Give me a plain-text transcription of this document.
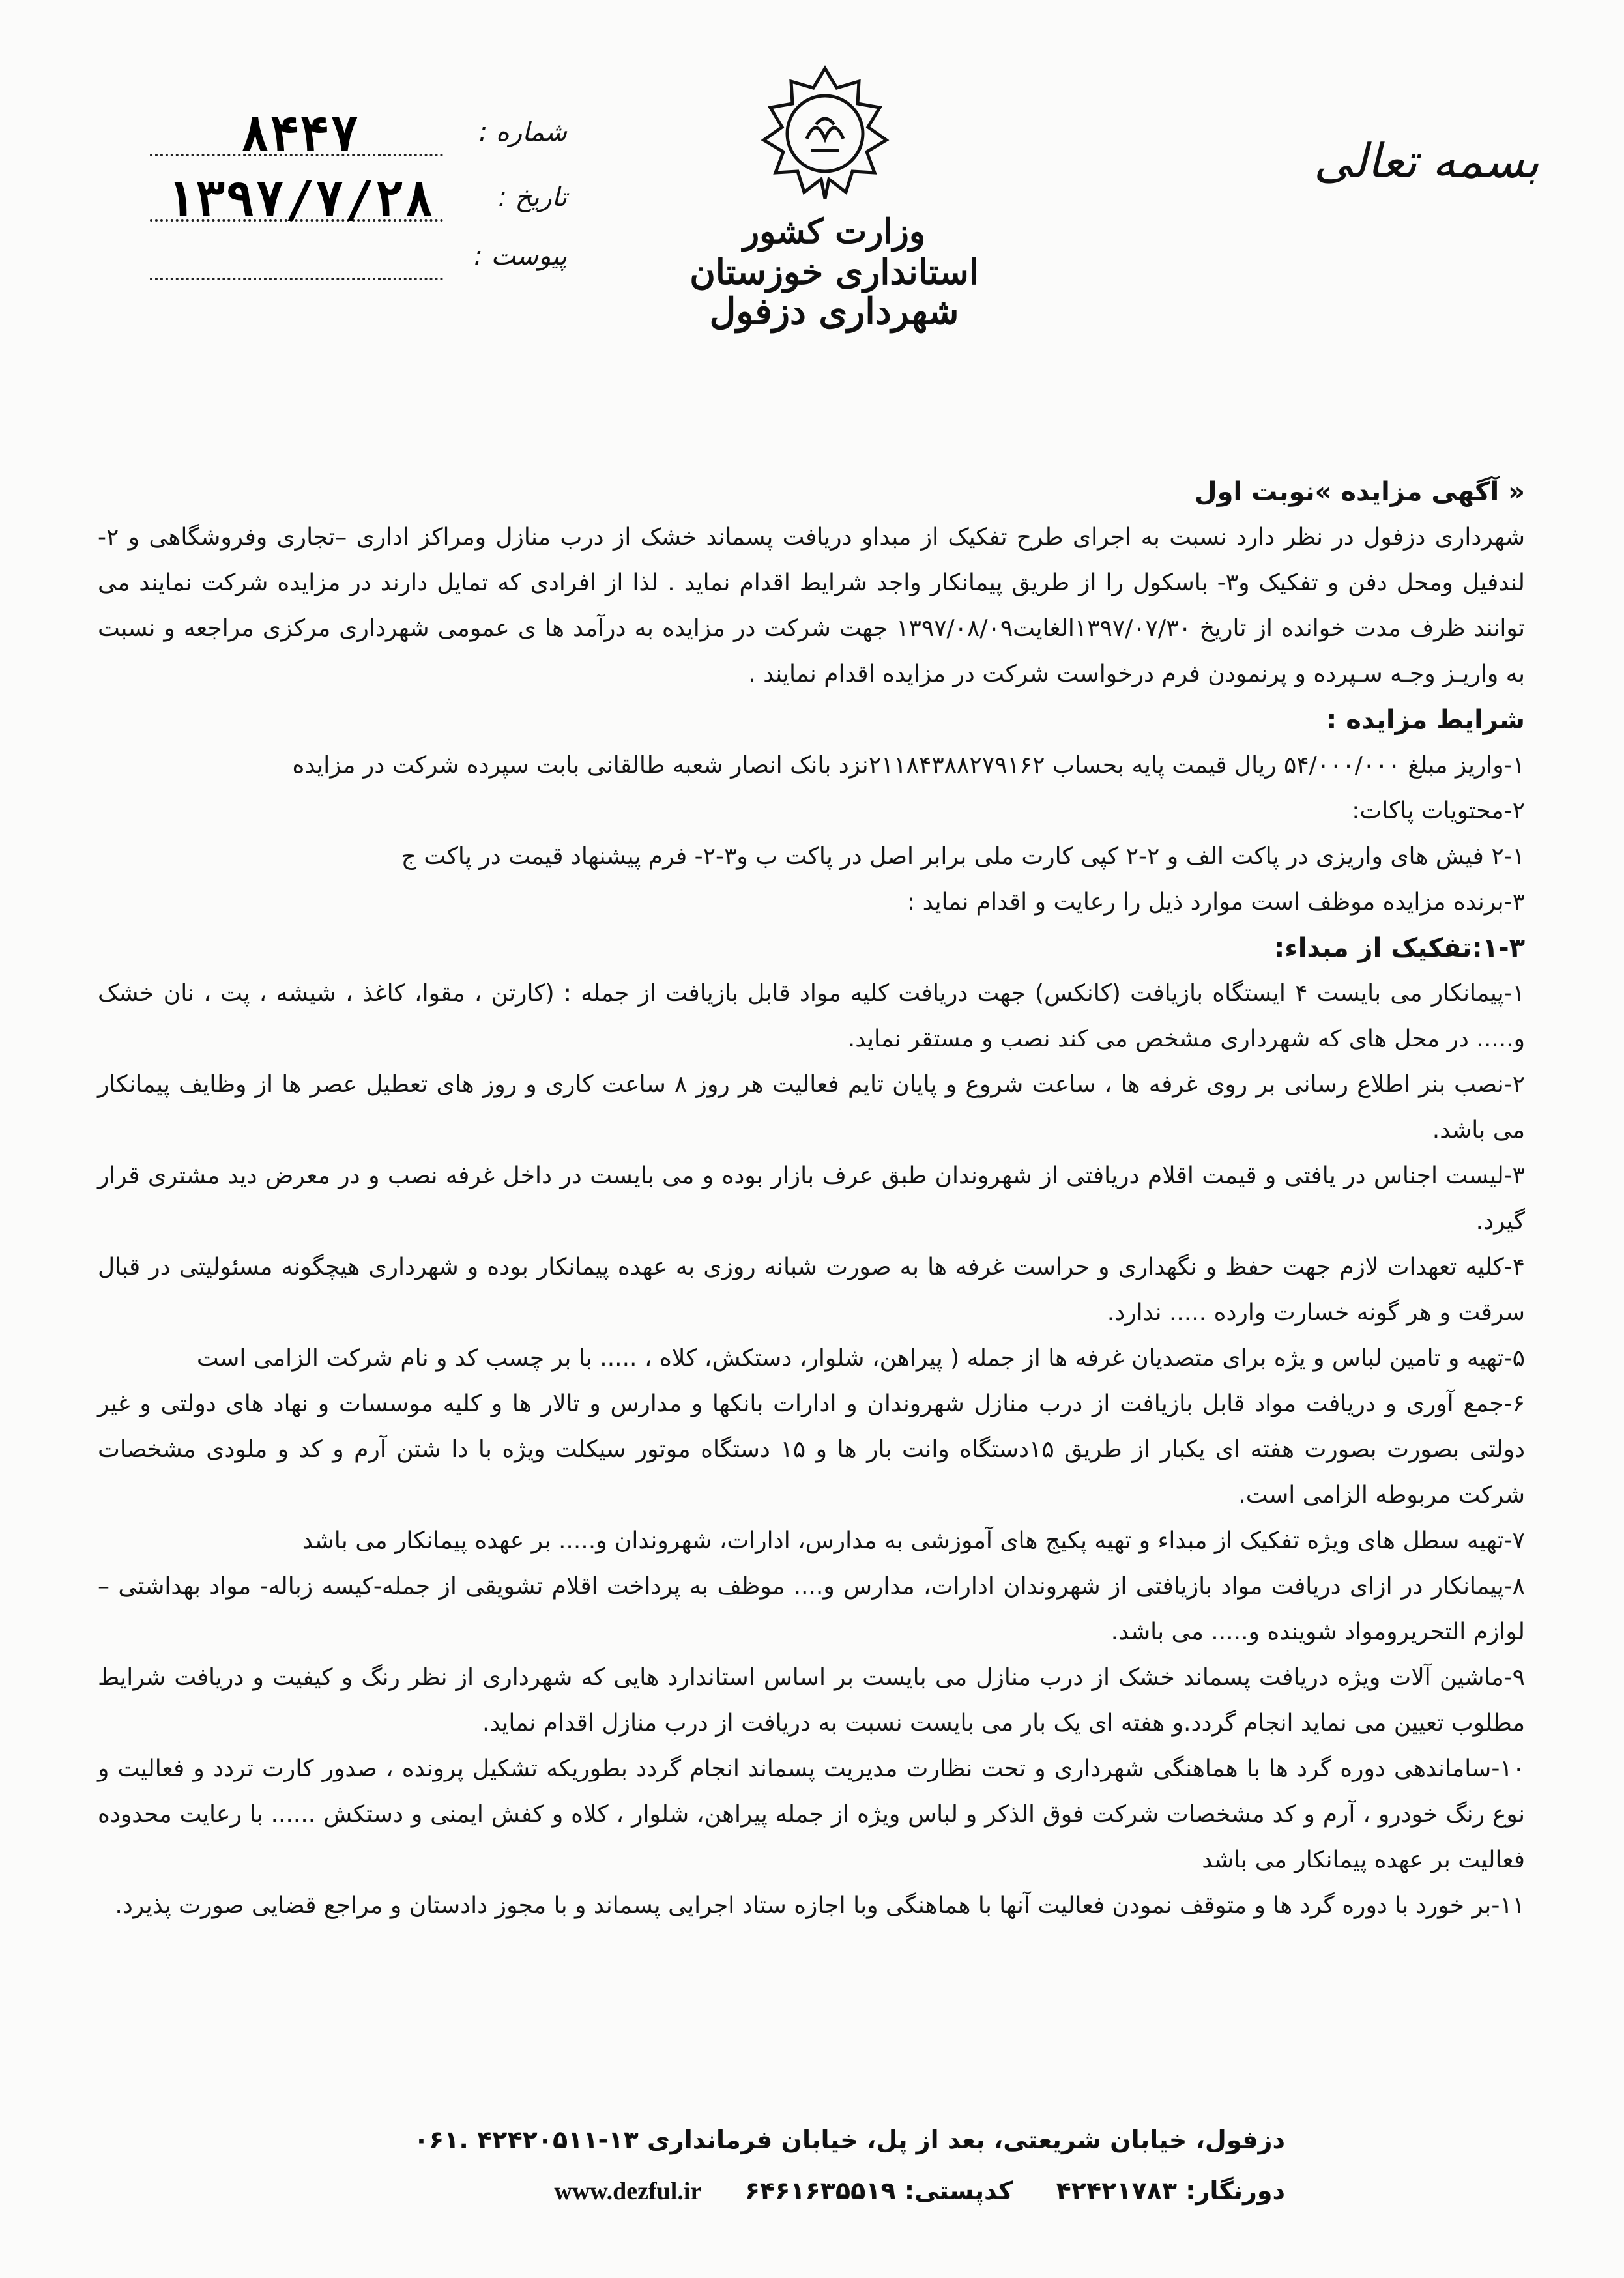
بسمه تعالی
وزارت کشور
استانداری خوزستان
شهرداری دزفول
شماره :
۸۴۴۷
تاریخ :
۱۳۹۷/۷/۲۸
پیوست :

« آگهی مزایده »نوبت اول

شهرداری دزفول در نظر دارد نسبت به اجرای طرح تفکیک از مبداو دریافت پسماند خشک از درب منازل ومراکز اداری –تجاری وفروشگاهی و ۲-لندفیل ومحل دفن و تفکیک و۳- باسکول را از طریق پیمانکار واجد شرایط اقدام نماید . لذا از افرادی که تمایل دارند در مزایده شرکت نمایند می توانند ظرف مدت خوانده از تاریخ ۱۳۹۷/۰۷/۳۰الغایت۱۳۹۷/۰۸/۰۹ جهت شرکت در مزایده به درآمد ها ی عمومی شهرداری مرکزی مراجعه و نسبت به واریـز وجـه سـپرده و پرنمودن فرم درخواست شرکت در مزایده اقدام نمایند .

شرایط مزایده :

۱-واریز مبلغ ۵۴/۰۰۰/۰۰۰ ریال قیمت پایه بحساب ۲۱۱۸۴۳۸۸۲۷۹۱۶۲نزد بانک انصار شعبه طالقانی بابت سپرده شرکت در مزایده

۲-محتویات پاکات:

۲-۱ فیش های واریزی در پاکت الف و ۲-۲ کپی کارت ملی برابر اصل در پاکت ب و۳-۲- فرم پیشنهاد قیمت در پاکت ج

۳-برنده مزایده موظف است موارد ذیل را رعایت و اقدام نماید :

۱-۳:تفکیک از مبداء:

۱-پیمانکار می بایست ۴ ایستگاه بازیافت (کانکس) جهت دریافت کلیه مواد قابل بازیافت از جمله : (کارتن ، مقوا، کاغذ ، شیشه ، پت ، نان خشک و..... در محل های که شهرداری مشخص می کند نصب و مستقر نماید.

۲-نصب بنر اطلاع رسانی بر روی غرفه ها ، ساعت شروع و پایان تایم فعالیت هر روز ۸ ساعت کاری و روز های تعطیل عصر ها از وظایف پیمانکار می باشد.

۳-لیست اجناس در یافتی و قیمت اقلام دریافتی از شهروندان طبق عرف بازار بوده و می بایست در داخل غرفه نصب و در معرض دید مشتری قرار گیرد.

۴-کلیه تعهدات لازم جهت حفظ و نگهداری و حراست غرفه ها به صورت شبانه روزی به عهده پیمانکار بوده و شهرداری هیچگونه مسئولیتی در قبال سرقت و هر گونه خسارت وارده ..... ندارد.

۵-تهیه و تامین لباس و یژه برای متصدیان غرفه ها از جمله ( پیراهن، شلوار، دستکش، کلاه ، ..... با بر چسب کد و نام شرکت الزامی است

۶-جمع آوری و دریافت مواد قابل بازیافت از درب منازل شهروندان و ادارات بانکها و مدارس و تالار ها و کلیه موسسات و نهاد های دولتی و غیر دولتی بصورت بصورت هفته ای یکبار از طریق ۱۵دستگاه وانت بار ها و ۱۵ دستگاه موتور سیکلت ویژه با دا شتن آرم و کد و ملودی مشخصات شرکت مربوطه الزامی است.

۷-تهیه سطل های ویژه تفکیک از مبداء و تهیه پکیج های آموزشی به مدارس، ادارات، شهروندان و..... بر عهده پیمانکار می باشد

۸-پیمانکار در ازای دریافت مواد بازیافتی از شهروندان ادارات، مدارس و.... موظف به پرداخت اقلام تشویقی از جمله-کیسه زباله- مواد بهداشتی – لوازم التحریرومواد شوینده و..... می باشد.

۹-ماشین آلات ویژه دریافت پسماند خشک از درب منازل می بایست بر اساس استاندارد هایی که شهرداری از نظر رنگ و کیفیت و دریافت شرایط مطلوب تعیین می نماید انجام گردد.و هفته ای یک بار می بایست نسبت به دریافت از درب منازل اقدام نماید.

۱۰-ساماندهی دوره گرد ها با هماهنگی شهرداری و تحت نظارت مدیریت پسماند انجام گردد بطوریکه تشکیل پرونده ، صدور کارت تردد و فعالیت و نوع رنگ خودرو ، آرم و کد مشخصات شرکت فوق الذکر و لباس ویژه از جمله پیراهن، شلوار ، کلاه و کفش ایمنی و دستکش ...... با رعایت محدوده فعالیت بر عهده پیمانکار می باشد

۱۱-بر خورد با دوره گرد ها و متوقف نمودن فعالیت آنها با هماهنگی وبا اجازه ستاد اجرایی پسماند و با مجوز دادستان و مراجع قضایی صورت پذیرد.

دزفول، خیابان شریعتی، بعد از پل، خیابان فرمانداری ۱۳-۴۲۴۲۰۵۱۱ .۰۶۱
دورنگار: ۴۲۴۲۱۷۸۳  کدپستی: ۶۴۶۱۶۳۵۵۱۹  www.dezful.ir
